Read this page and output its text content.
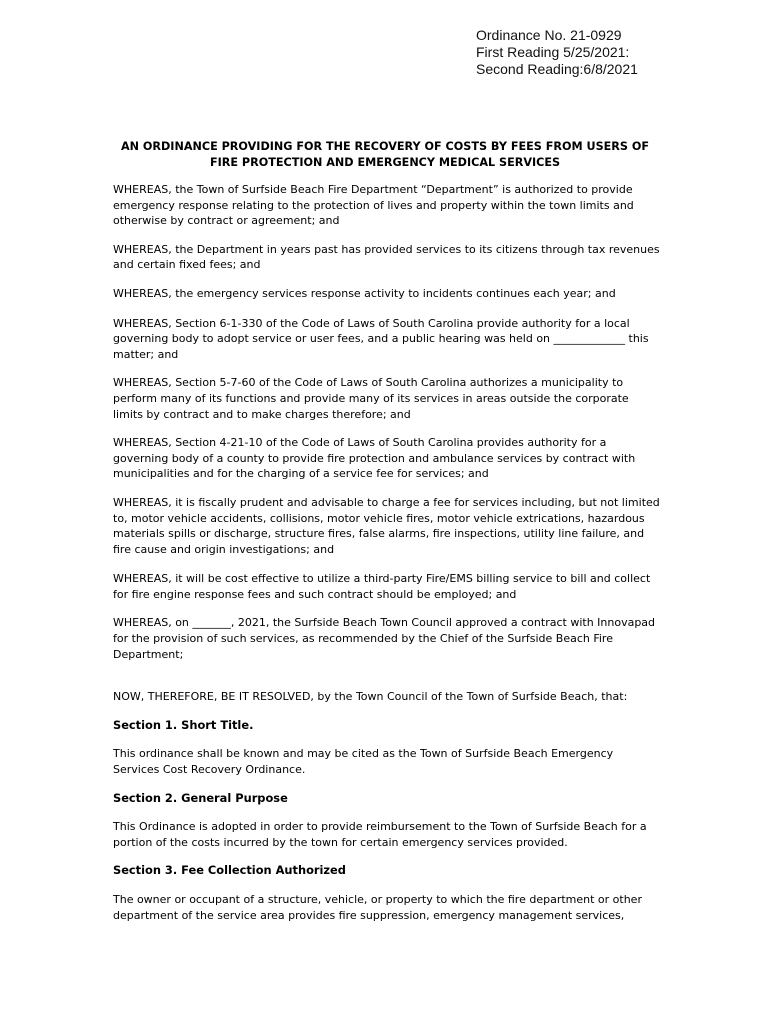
Ordinance No. 21-0929
First Reading 5/25/2021:
Second Reading:6/8/2021
AN ORDINANCE PROVIDING FOR THE RECOVERY OF COSTS BY FEES FROM USERS OF
FIRE PROTECTION AND EMERGENCY MEDICAL SERVICES

WHEREAS, the Town of Surfside Beach Fire Department “Department” is authorized to provide emergency response relating to the protection of lives and property within the town limits and otherwise by contract or agreement; and

WHEREAS, the Department in years past has provided services to its citizens through tax revenues and certain fixed fees; and

WHEREAS, the emergency services response activity to incidents continues each year; and

WHEREAS, Section 6-1-330 of the Code of Laws of South Carolina provide authority for a local governing body to adopt service or user fees, and a public hearing was held on _____________ this matter; and

WHEREAS, Section 5-7-60 of the Code of Laws of South Carolina authorizes a municipality to perform many of its functions and provide many of its services in areas outside the corporate limits by contract and to make charges therefore; and

WHEREAS, Section 4-21-10 of the Code of Laws of South Carolina provides authority for a governing body of a county to provide fire protection and ambulance services by contract with municipalities and for the charging of a service fee for services; and

WHEREAS, it is fiscally prudent and advisable to charge a fee for services including, but not limited to, motor vehicle accidents, collisions, motor vehicle fires, motor vehicle extrications, hazardous materials spills or discharge, structure fires, false alarms, fire inspections, utility line failure, and fire cause and origin investigations; and

WHEREAS, it will be cost effective to utilize a third-party Fire/EMS billing service to bill and collect for fire engine response fees and such contract should be employed; and

WHEREAS, on _______, 2021, the Surfside Beach Town Council approved a contract with Innovapad for the provision of such services, as recommended by the Chief of the Surfside Beach Fire Department;

NOW, THEREFORE, BE IT RESOLVED, by the Town Council of the Town of Surfside Beach, that:

Section 1. Short Title.

This ordinance shall be known and may be cited as the Town of Surfside Beach Emergency Services Cost Recovery Ordinance.

Section 2. General Purpose

This Ordinance is adopted in order to provide reimbursement to the Town of Surfside Beach for a portion of the costs incurred by the town for certain emergency services provided.

Section 3. Fee Collection Authorized

The owner or occupant of a structure, vehicle, or property to which the fire department or other department of the service area provides fire suppression, emergency management services,
